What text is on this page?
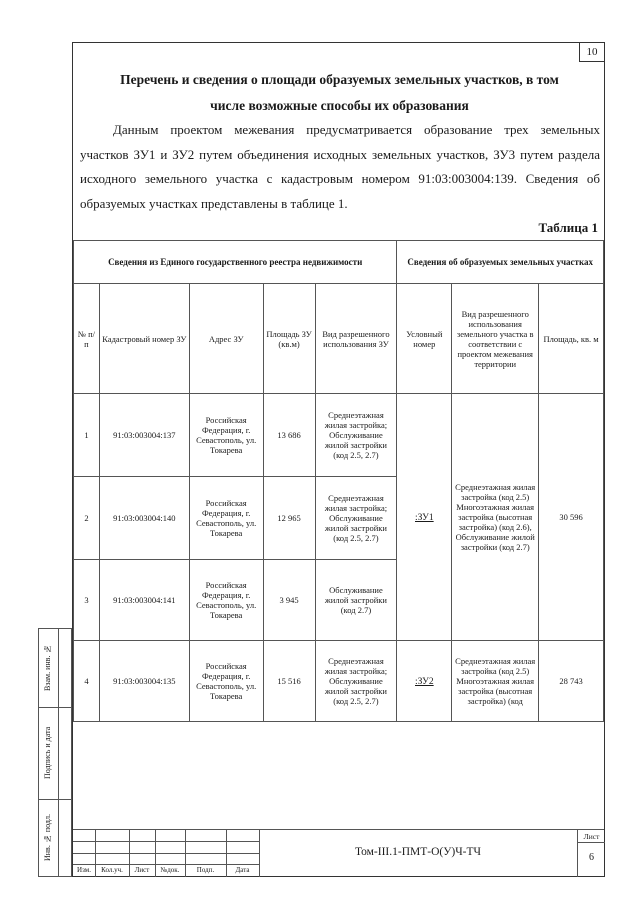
10
Перечень и сведения о площади образуемых земельных участков, в том
числе возможные способы их образования
Данным проектом межевания предусматривается образование трех земельных участков ЗУ1 и ЗУ2 путем объединения исходных земельных участков, ЗУ3 путем раздела исходного земельного участка с кадастровым номером 91:03:003004:139. Сведения об образуемых участках представлены в таблице 1.
Таблица 1
Сведения из Единого государственного реестра недвижимости					Сведения об образуемых земельных участках		
№ п/п	Кадастровый номер ЗУ	Адрес ЗУ	Площадь ЗУ (кв.м)	Вид разрешенного использования ЗУ	Условный номер	Вид разрешенного использования земельного участка в соответствии с проектом межевания территории	Площадь, кв. м
1	91:03:003004:137	Российская Федерация, г. Севастополь, ул. Токарева	13 686	Среднеэтажная жилая застройка; Обслуживание жилой застройки (код 2.5, 2.7)	:ЗУ1	Среднеэтажная жилая застройка (код 2.5) Многоэтажная жилая застройка (высотная застройка) (код 2.6), Обслуживание жилой застройки (код 2.7)	30 596
2	91:03:003004:140	Российская Федерация, г. Севастополь, ул. Токарева	12 965	Среднеэтажная жилая застройка; Обслуживание жилой застройки (код 2.5, 2.7)			
3	91:03:003004:141	Российская Федерация, г. Севастополь, ул. Токарева	3 945	Обслуживание жилой застройки (код 2.7)			
4	91:03:003004:135	Российская Федерация, г. Севастополь, ул. Токарева	15 516	Среднеэтажная жилая застройка; Обслуживание жилой застройки (код 2.5, 2.7)	:ЗУ2	Среднеэтажная жилая застройка (код 2.5) Многоэтажная жилая застройка (высотная застройка) (код	28 743
Взам. инв. №
Подпись и дата
Инв. № подл.
Изм.	Кол.уч.	Лист	№док.	Подп.	Дата
Том-III.1-ПМТ-О(У)Ч-ТЧ
Лист
6
